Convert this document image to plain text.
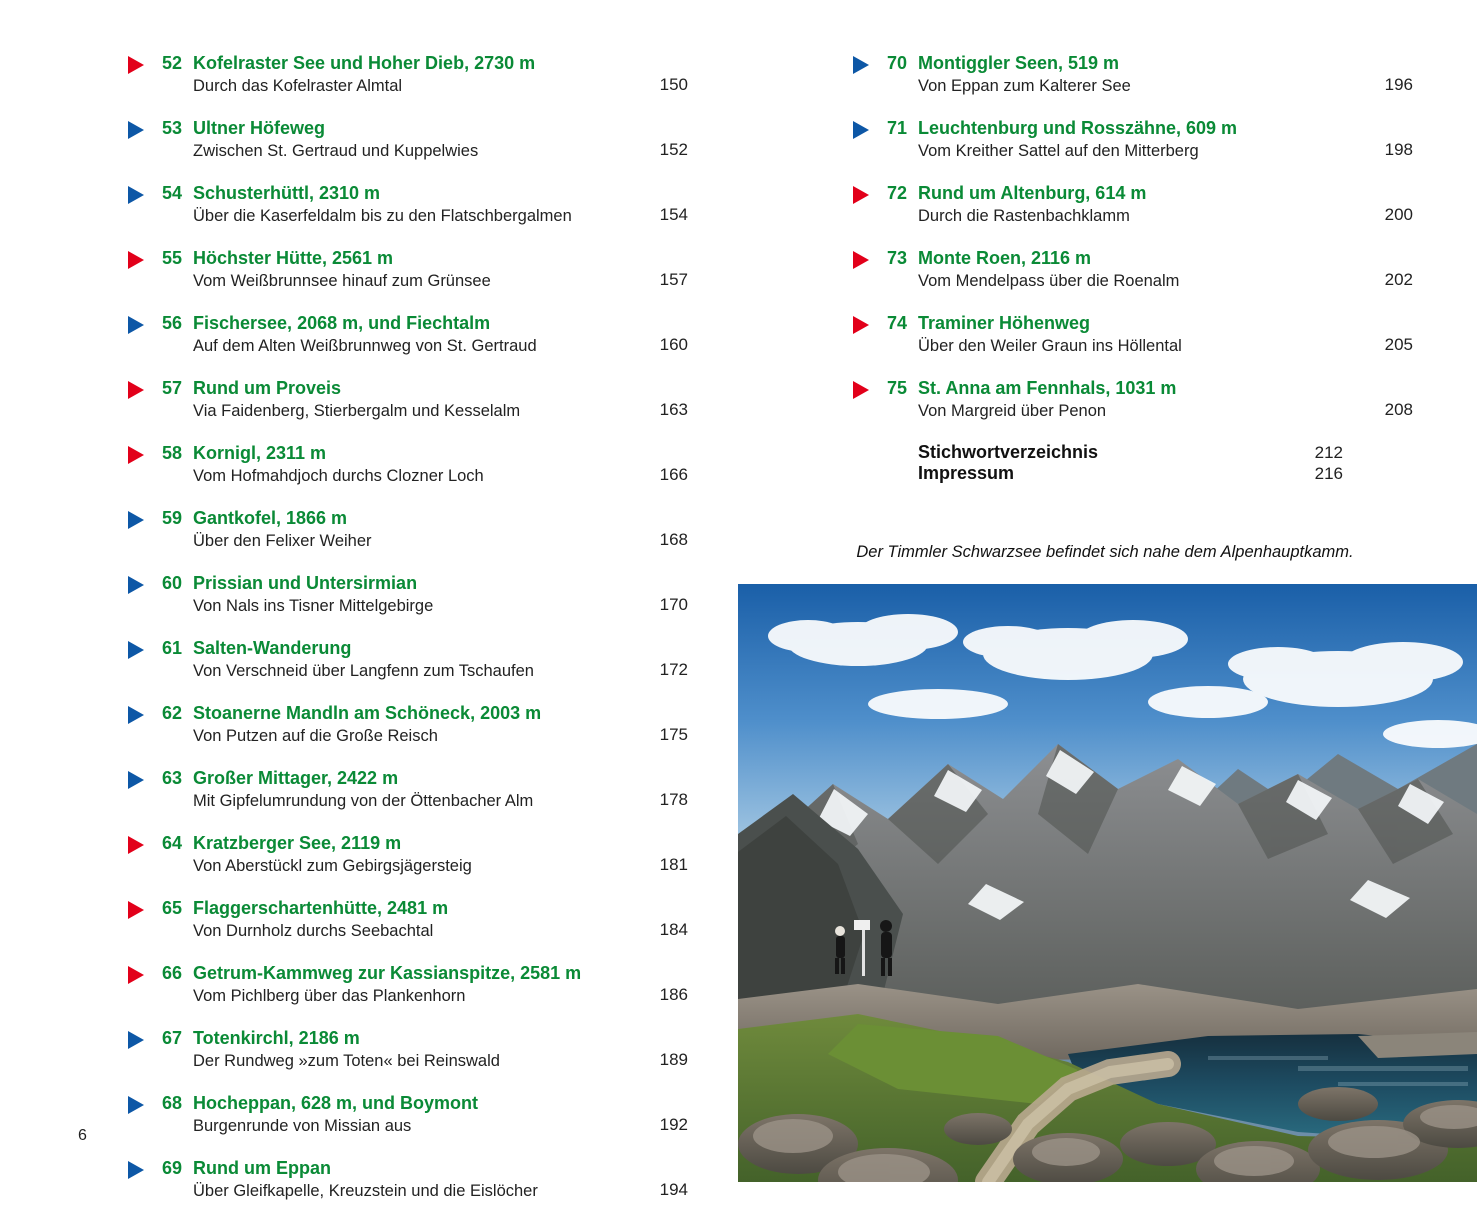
52 Kofelraster See und Hoher Dieb, 2730 m
Durch das Kofelraster Almtal	150
53 Ultner Höfeweg
Zwischen St. Gertraud und Kuppelwies	152
54 Schusterhüttl, 2310 m
Über die Kaserfeldalm bis zu den Flatschbergalmen	154
55 Höchster Hütte, 2561 m
Vom Weißbrunnsee hinauf zum Grünsee	157
56 Fischersee, 2068 m, und Fiechtalm
Auf dem Alten Weißbrunnweg von St. Gertraud	160
57 Rund um Proveis
Via Faidenberg, Stierbergalm und Kesselalm	163
58 Kornigl, 2311 m
Vom Hofmahdjoch durchs Clozner Loch	166
59 Gantkofel, 1866 m
Über den Felixer Weiher	168
60 Prissian und Untersirmian
Von Nals ins Tisner Mittelgebirge	170
61 Salten-Wanderung
Von Verschneid über Langfenn zum Tschaufen	172
62 Stoanerne Mandln am Schöneck, 2003 m
Von Putzen auf die Große Reisch	175
63 Großer Mittager, 2422 m
Mit Gipfelumrundung von der Öttenbacher Alm	178
64 Kratzberger See, 2119 m
Von Aberstückl zum Gebirgsjägersteig	181
65 Flaggerschartenhütte, 2481 m
Von Durnholz durchs Seebachtal	184
66 Getrum-Kammweg zur Kassianspitze, 2581 m
Vom Pichlberg über das Plankenhorn	186
67 Totenkirchl, 2186 m
Der Rundweg »zum Toten« bei Reinswald	189
68 Hocheppan, 628 m, und Boymont
Burgenrunde von Missian aus	192
69 Rund um Eppan
Über Gleifkapelle, Kreuzstein und die Eislöcher	194
70 Montiggler Seen, 519 m
Von Eppan zum Kalterer See	196
71 Leuchtenburg und Rosszähne, 609 m
Vom Kreither Sattel auf den Mitterberg	198
72 Rund um Altenburg, 614 m
Durch die Rastenbachklamm	200
73 Monte Roen, 2116 m
Vom Mendelpass über die Roenalm	202
74 Traminer Höhenweg
Über den Weiler Graun ins Höllental	205
75 St. Anna am Fennhals, 1031 m
Von Margreid über Penon	208
Stichwortverzeichnis	212
Impressum	216
Der Timmler Schwarzsee befindet sich nahe dem Alpenhauptkamm.
6
